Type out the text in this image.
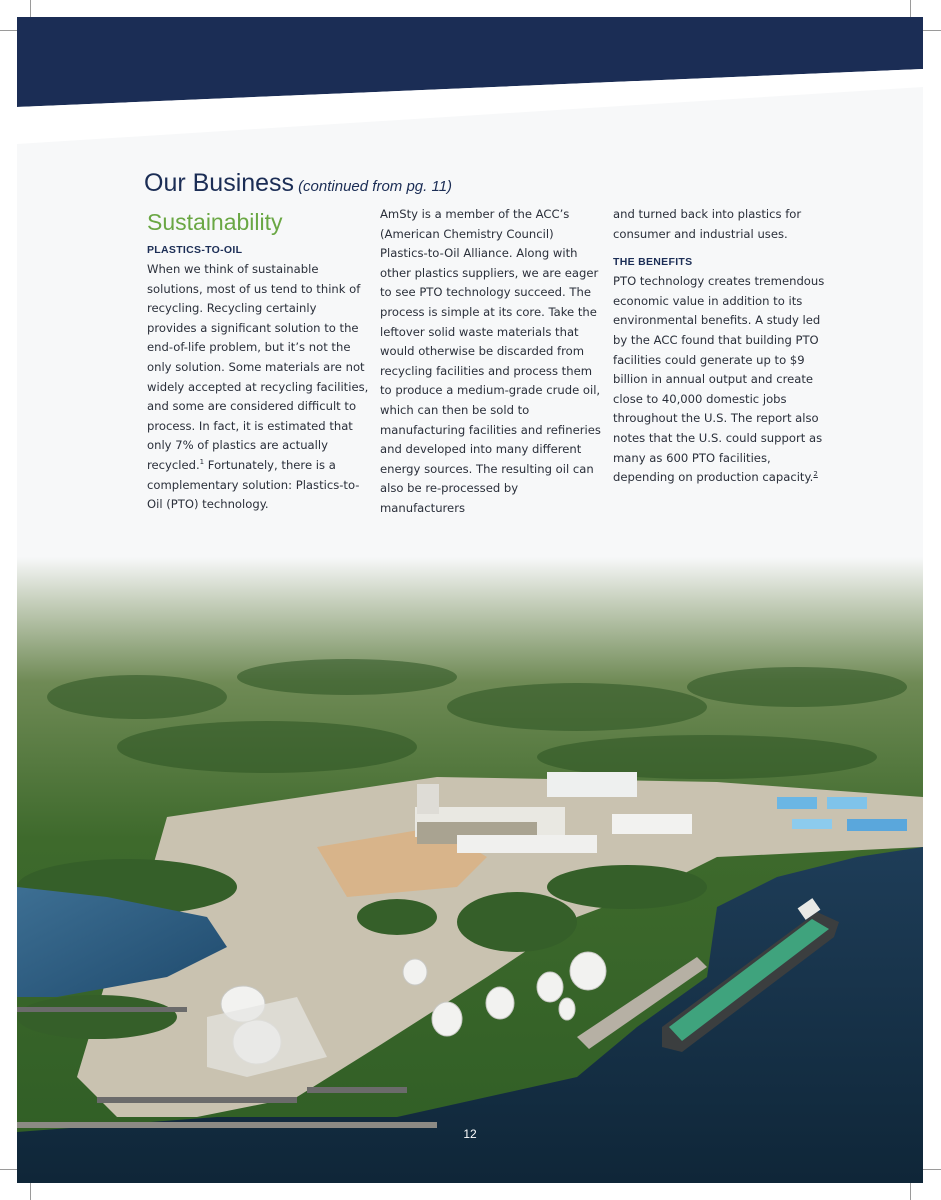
Our Business (continued from pg. 11)
Sustainability
PLASTICS-TO-OIL

When we think of sustainable solutions, most of us tend to think of recycling. Recycling certainly provides a significant solution to the end-of-life problem, but it’s not the only solution. Some materials are not widely accepted at recycling facilities, and some are considered difficult to process. In fact, it is estimated that only 7% of plastics are actually recycled.$^1$ Fortunately, there is a complementary solution: Plastics-to-Oil (PTO) technology.

AmSty is a member of the ACC’s (American Chemistry Council) Plastics-to-Oil Alliance. Along with other plastics suppliers, we are eager to see PTO technology succeed. The process is simple at its core. Take the leftover solid waste materials that would otherwise be discarded from recycling facilities and process them to produce a medium-grade crude oil, which can then be sold to manufacturing facilities and refineries and developed into many different energy sources. The resulting oil can also be re-processed by manufacturers

and turned back into plastics for consumer and industrial uses.

THE BENEFITS

PTO technology creates tremendous economic value in addition to its environmental benefits. A study led by the ACC found that building PTO facilities could generate up to $9 billion in annual output and create close to 40,000 domestic jobs throughout the U.S. The report also notes that the U.S. could support as many as 600 PTO facilities, depending on production capacity.$^2$

12
